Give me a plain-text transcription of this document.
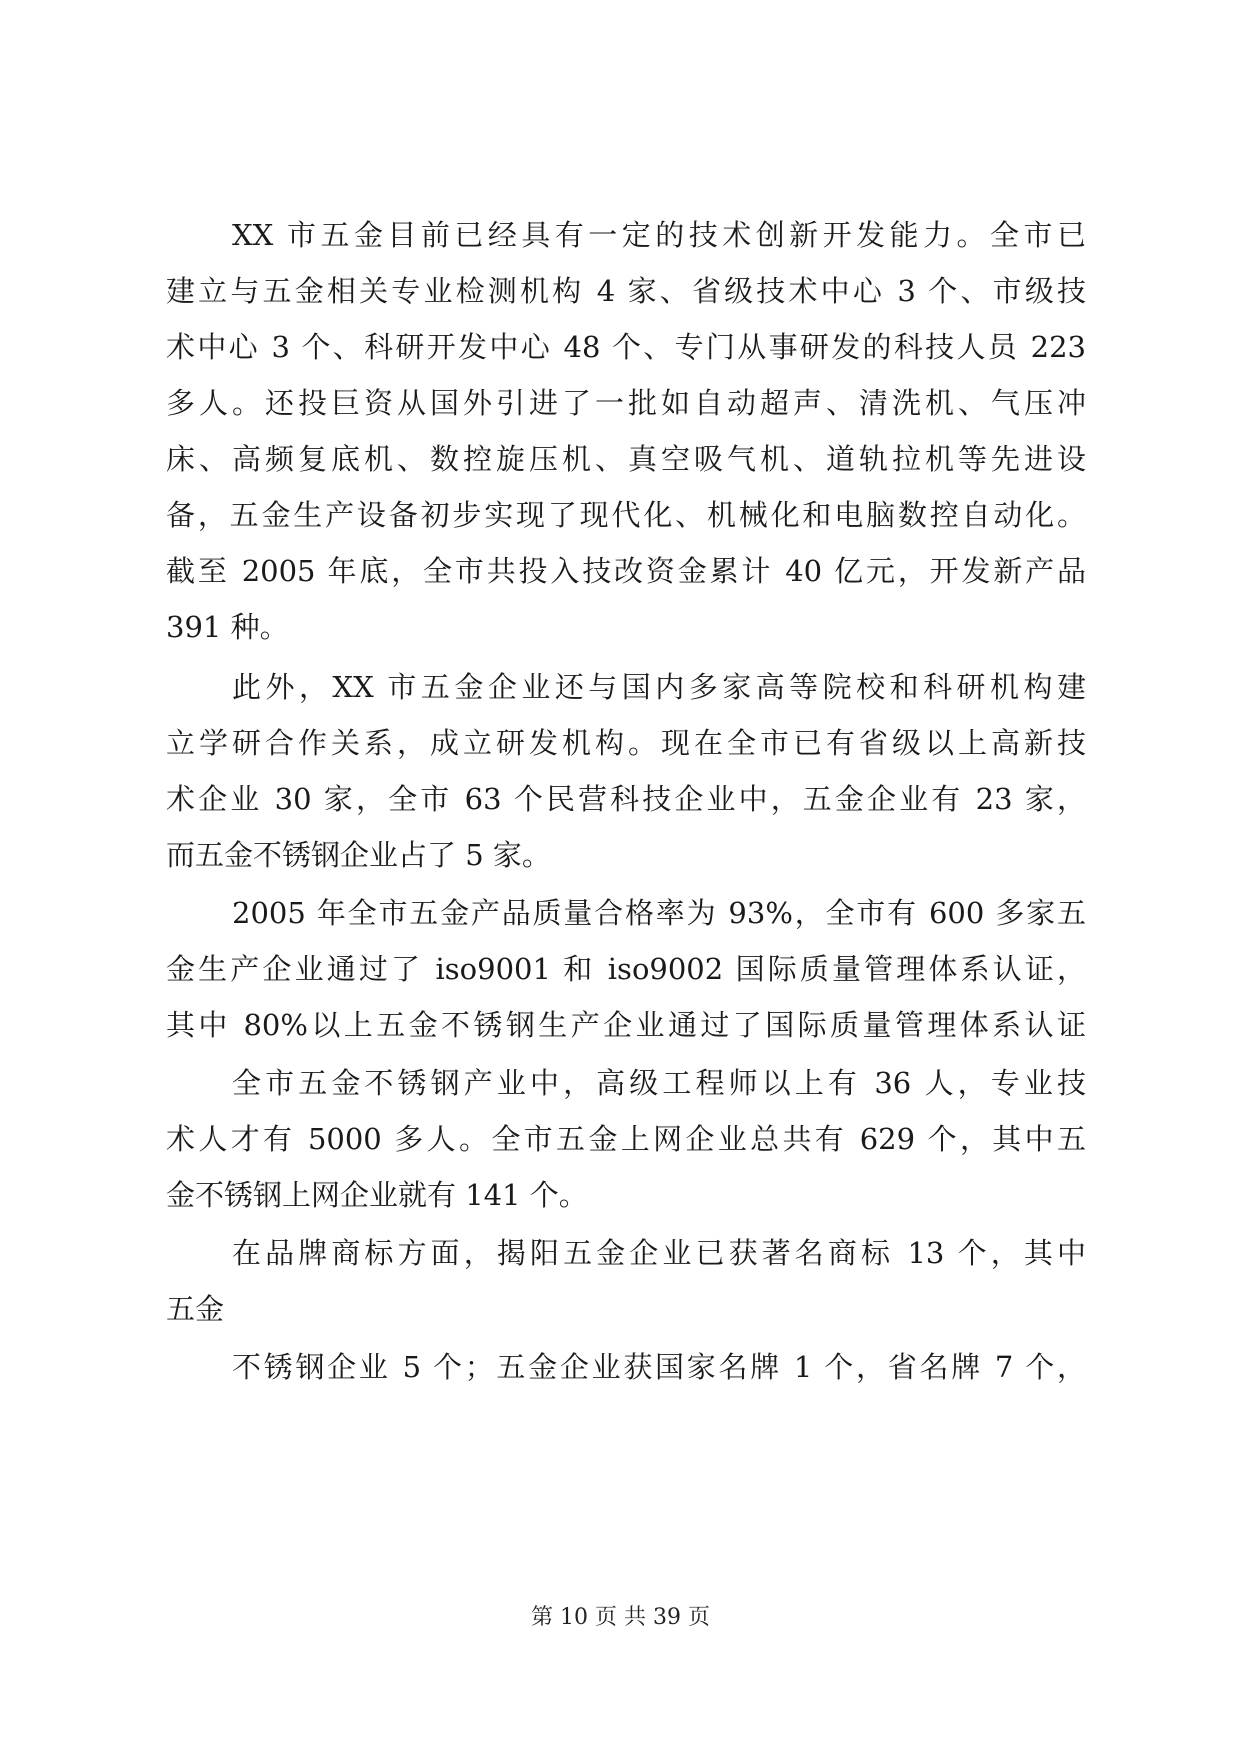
XX 市五金目前已经具有一定的技术创新开发能力。全市已
建立与五金相关专业检测机构 4 家、省级技术中心 3 个、市级技
术中心 3 个、科研开发中心 48 个、专门从事研发的科技人员 223
多人。还投巨资从国外引进了一批如自动超声、清洗机、气压冲
床、高频复底机、数控旋压机、真空吸气机、道轨拉机等先进设
备，五金生产设备初步实现了现代化、机械化和电脑数控自动化。
截至 2005 年底，全市共投入技改资金累计 40 亿元，开发新产品
391 种。
此外，XX 市五金企业还与国内多家高等院校和科研机构建
立学研合作关系，成立研发机构。现在全市已有省级以上高新技
术企业 30 家，全市 63 个民营科技企业中，五金企业有 23 家，
而五金不锈钢企业占了 5 家。
2005 年全市五金产品质量合格率为 93%，全市有 600 多家五
金生产企业通过了 iso9001 和 iso9002 国际质量管理体系认证，
其中 80%以上五金不锈钢生产企业通过了国际质量管理体系认证
全市五金不锈钢产业中，高级工程师以上有 36 人，专业技
术人才有 5000 多人。全市五金上网企业总共有 629 个，其中五
金不锈钢上网企业就有 141 个。
在品牌商标方面，揭阳五金企业已获著名商标 13 个，其中
五金
不锈钢企业 5 个；五金企业获国家名牌 1 个，省名牌 7 个，
第 10 页 共 39 页
